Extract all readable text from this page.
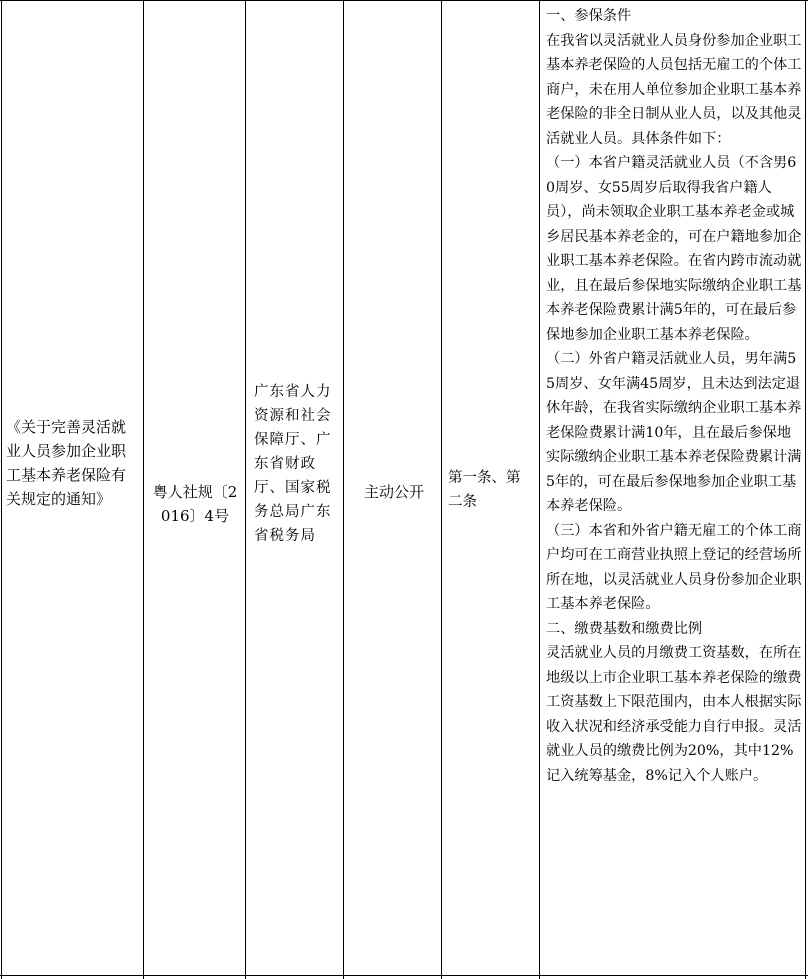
《关于完善灵活就业人员参加企业职工基本养老保险有关规定的通知》	粤人社规〔2016〕4号
广东省人力资源和社会保障厅、广东省财政厅、国家税务总局广东省税务局
主动公开
第一条、第二条

一、参保条件

在我省以灵活就业人员身份参加企业职工基本养老保险的人员包括无雇工的个体工商户，未在用人单位参加企业职工基本养老保险的非全日制从业人员，以及其他灵活就业人员。具体条件如下：

（一）本省户籍灵活就业人员（不含男60周岁、女55周岁后取得我省户籍人员），尚未领取企业职工基本养老金或城乡居民基本养老金的，可在户籍地参加企业职工基本养老保险。在省内跨市流动就业，且在最后参保地实际缴纳企业职工基本养老保险费累计满5年的，可在最后参保地参加企业职工基本养老保险。

（二）外省户籍灵活就业人员，男年满55周岁、女年满45周岁，且未达到法定退休年龄，在我省实际缴纳企业职工基本养老保险费累计满10年，且在最后参保地实际缴纳企业职工基本养老保险费累计满5年的，可在最后参保地参加企业职工基本养老保险。

（三）本省和外省户籍无雇工的个体工商户均可在工商营业执照上登记的经营场所所在地，以灵活就业人员身份参加企业职工基本养老保险。

二、缴费基数和缴费比例

灵活就业人员的月缴费工资基数，在所在地级以上市企业职工基本养老保险的缴费工资基数上下限范围内，由本人根据实际收入状况和经济承受能力自行申报。灵活就业人员的缴费比例为20%，其中12%记入统筹基金，8%记入个人账户。
